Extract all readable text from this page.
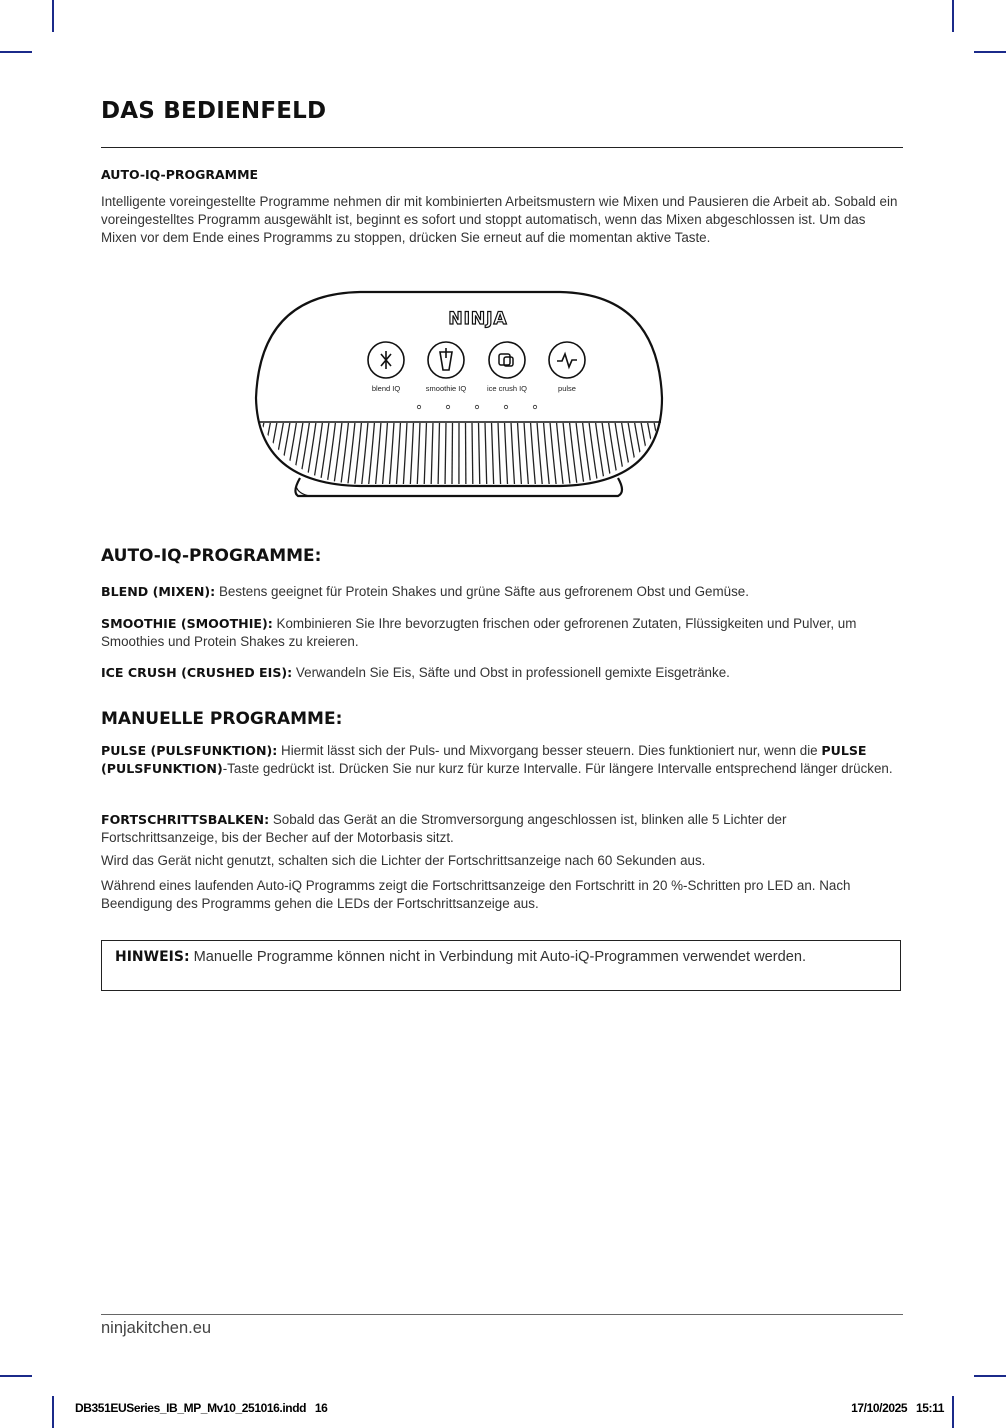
DAS BEDIENFELD
AUTO-IQ-PROGRAMME
Intelligente voreingestellte Programme nehmen dir mit kombinierten Arbeitsmustern wie Mixen und Pausieren die Arbeit ab. Sobald ein voreingestelltes Programm ausgewählt ist, beginnt es sofort und stoppt automatisch, wenn das Mixen abgeschlossen ist. Um das Mixen vor dem Ende eines Programms zu stoppen, drücken Sie erneut auf die momentan aktive Taste.
NINJA
blend IQ	smoothie IQ	ice crush IQ	pulse
AUTO-IQ-PROGRAMME:
BLEND (MIXEN): Bestens geeignet für Protein Shakes und grüne Säfte aus gefrorenem Obst und Gemüse.
SMOOTHIE (SMOOTHIE): Kombinieren Sie Ihre bevorzugten frischen oder gefrorenen Zutaten, Flüssigkeiten und Pulver, um Smoothies und Protein Shakes zu kreieren.
ICE CRUSH (CRUSHED EIS): Verwandeln Sie Eis, Säfte und Obst in professionell gemixte Eisgetränke.
MANUELLE PROGRAMME:
PULSE (PULSFUNKTION): Hiermit lässt sich der Puls- und Mixvorgang besser steuern. Dies funktioniert nur, wenn die PULSE (PULSFUNKTION)-Taste gedrückt ist. Drücken Sie nur kurz für kurze Intervalle. Für längere Intervalle entsprechend länger drücken.
FORTSCHRITTSBALKEN: Sobald das Gerät an die Stromversorgung angeschlossen ist, blinken alle 5 Lichter der Fortschrittsanzeige, bis der Becher auf der Motorbasis sitzt.
Wird das Gerät nicht genutzt, schalten sich die Lichter der Fortschrittsanzeige nach 60 Sekunden aus.
Während eines laufenden Auto-iQ Programms zeigt die Fortschrittsanzeige den Fortschritt in 20 %-Schritten pro LED an. Nach Beendigung des Programms gehen die LEDs der Fortschrittsanzeige aus.
HINWEIS: Manuelle Programme können nicht in Verbindung mit Auto-iQ-Programmen verwendet werden.
ninjakitchen.eu
DB351EUSeries_IB_MP_Mv10_251016.indd   16	17/10/2025   15:11
